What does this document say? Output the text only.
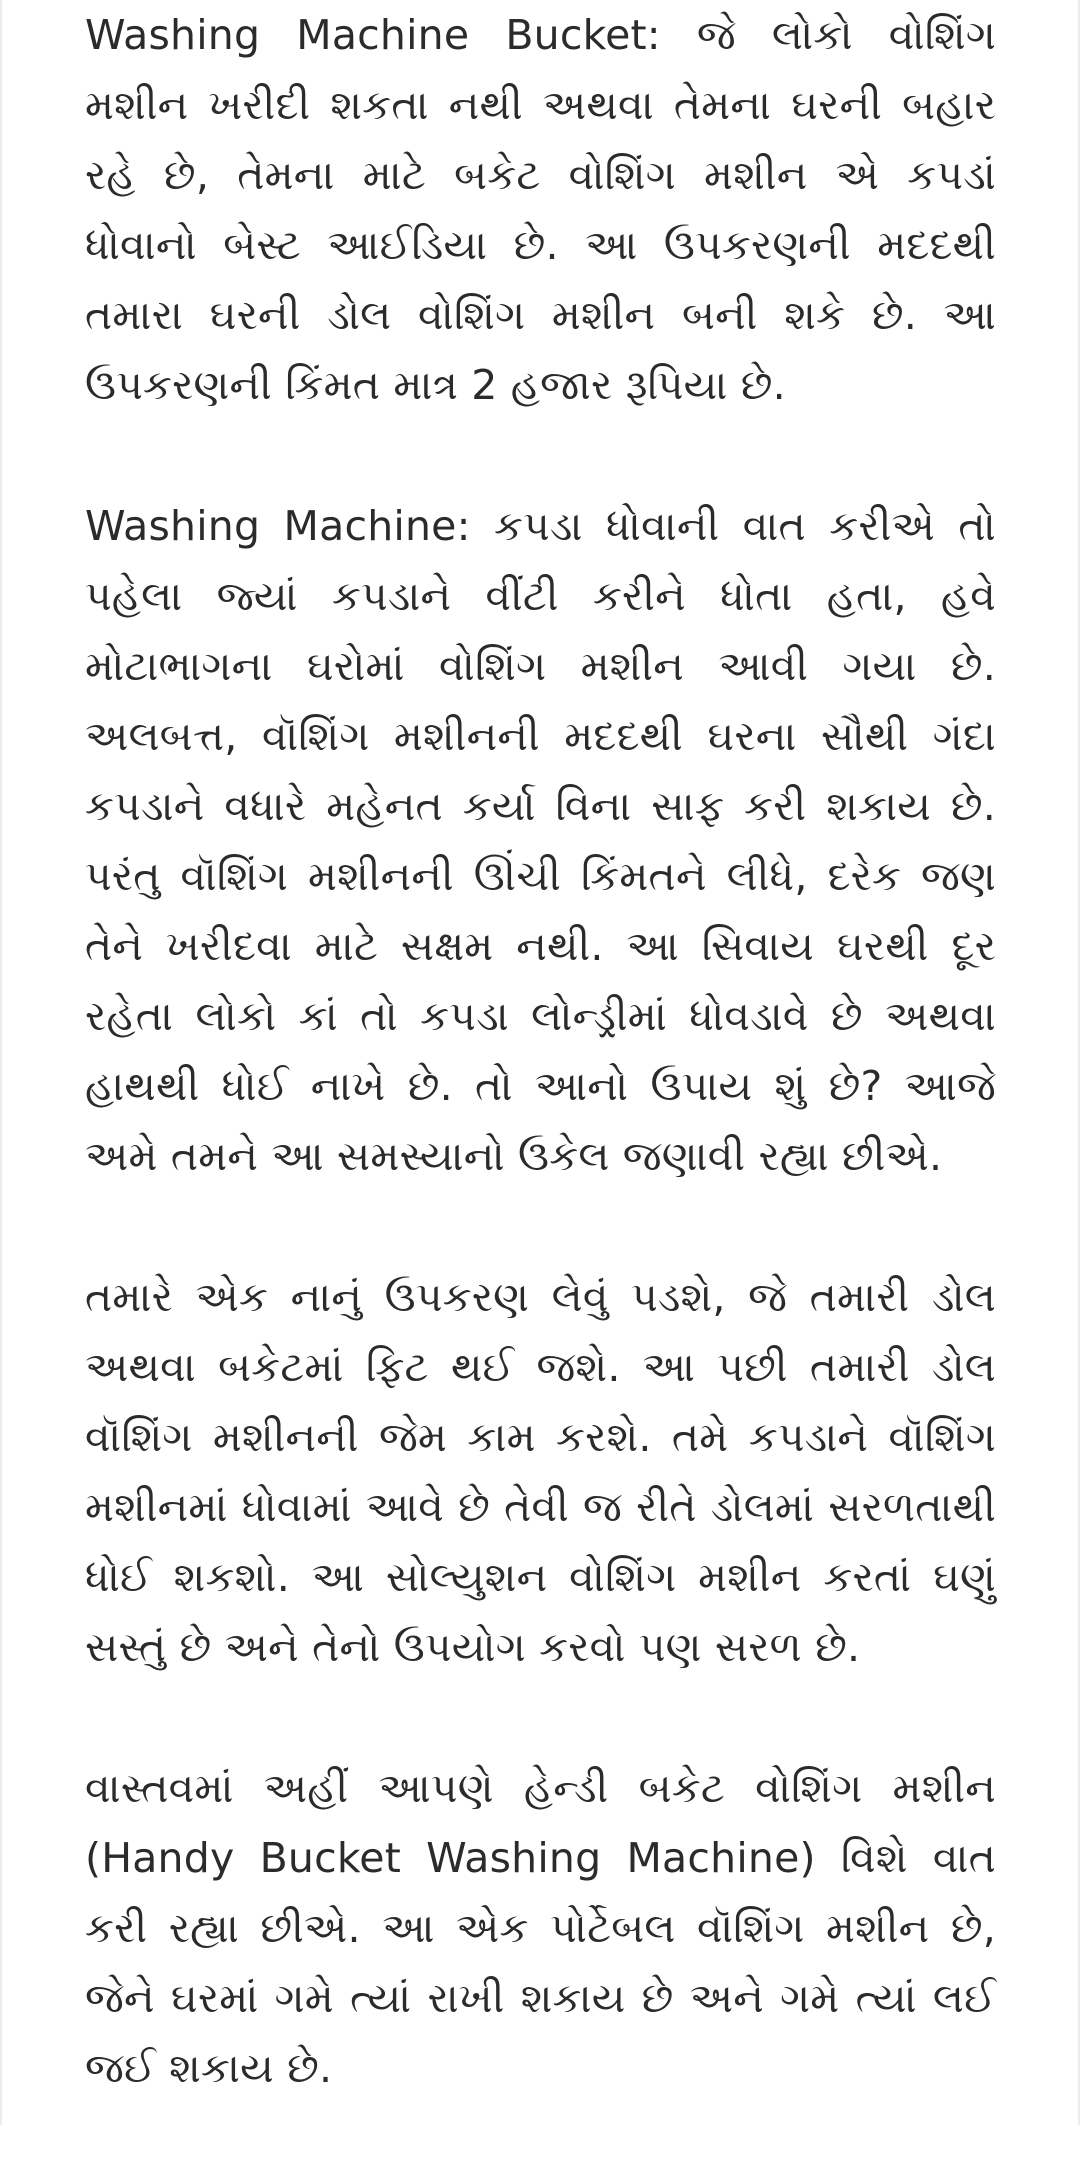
Washing Machine Bucket: જે લોકો વોશિંગ મશીન ખરીદી શકતા નથી અથવા તેમના ઘરની બહાર રહે છે, તેમના માટે બકેટ વોશિંગ મશીન એ કપડાં ધોવાનો બેસ્ટ આઈડિયા છે. આ ઉપકરણની મદદથી તમારા ઘરની ડોલ વોશિંગ મશીન બની શકે છે. આ ઉપકરણની કિંમત માત્ર 2 હજાર રૂપિયા છે.

Washing Machine: કપડા ધોવાની વાત કરીએ તો પહેલા જ્યાં કપડાને વીંટી કરીને ધોતા હતા, હવે મોટાભાગના ઘરોમાં વોશિંગ મશીન આવી ગયા છે. અલબત્ત, વૉશિંગ મશીનની મદદથી ઘરના સૌથી ગંદા કપડાને વધારે મહેનત કર્યા વિના સાફ કરી શકાય છે. પરંતુ વૉશિંગ મશીનની ઊંચી કિંમતને લીધે, દરેક જણ તેને ખરીદવા માટે સક્ષમ નથી. આ સિવાય ઘરથી દૂર રહેતા લોકો કાં તો કપડા લોન્ડ્રીમાં ધોવડાવે છે અથવા હાથથી ધોઈ નાખે છે. તો આનો ઉપાય શું છે? આજે અમે તમને આ સમસ્યાનો ઉકેલ જણાવી રહ્યા છીએ.

તમારે એક નાનું ઉપકરણ લેવું પડશે, જે તમારી ડોલ અથવા બકેટમાં ફિટ થઈ જશે. આ પછી તમારી ડોલ વૉશિંગ મશીનની જેમ કામ કરશે. તમે કપડાને વૉશિંગ મશીનમાં ધોવામાં આવે છે તેવી જ રીતે ડોલમાં સરળતાથી ધોઈ શકશો. આ સોલ્યુશન વોશિંગ મશીન કરતાં ઘણું સસ્તું છે અને તેનો ઉપયોગ કરવો પણ સરળ છે.

વાસ્તવમાં અહીં આપણે હેન્ડી બકેટ વોશિંગ મશીન (Handy Bucket Washing Machine) વિશે વાત કરી રહ્યા છીએ. આ એક પોર્ટેબલ વૉશિંગ મશીન છે, જેને ઘરમાં ગમે ત્યાં રાખી શકાય છે અને ગમે ત્યાં લઈ જઈ શકાય છે.
